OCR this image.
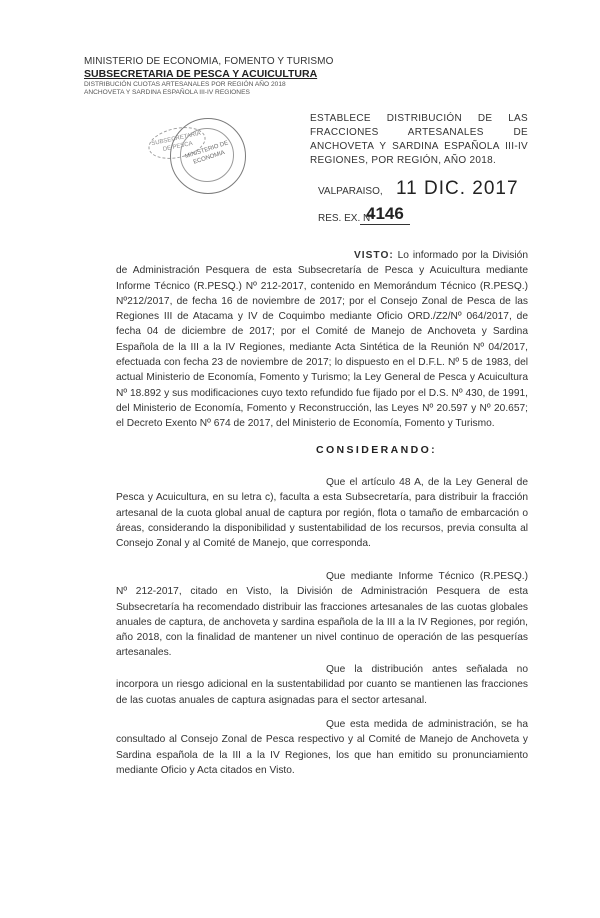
MINISTERIO DE ECONOMIA, FOMENTO Y TURISMO
SUBSECRETARIA DE PESCA Y ACUICULTURA
DISTRIBUCIÓN CUOTAS ARTESANALES POR REGIÓN AÑO 2018
ANCHOVETA Y SARDINA ESPAÑOLA III-IV REGIONES
SUBSECRETARIA DE PESCA
MINISTERIO DE ECONOMIA
ESTABLECE DISTRIBUCIÓN DE LAS FRACCIONES ARTESANALES DE ANCHOVETA Y SARDINA ESPAÑOLA III-IV REGIONES, POR REGIÓN, AÑO 2018.
VALPARAISO, 11 DIC. 2017
RES. EX. Nº
4146
VISTO: Lo informado por la División de Administración Pesquera de esta Subsecretaría de Pesca y Acuicultura mediante Informe Técnico (R.PESQ.) Nº 212-2017, contenido en Memorándum Técnico (R.PESQ.) Nº212/2017, de fecha 16 de noviembre de 2017; por el Consejo Zonal de Pesca de las Regiones III de Atacama y IV de Coquimbo mediante Oficio ORD./Z2/Nº 064/2017, de fecha 04 de diciembre de 2017; por el Comité de Manejo de Anchoveta y Sardina Española de la III a la IV Regiones, mediante Acta Sintética de la Reunión Nº 04/2017, efectuada con fecha 23 de noviembre de 2017; lo dispuesto en el D.F.L. Nº 5 de 1983, del actual Ministerio de Economía, Fomento y Turismo; la Ley General de Pesca y Acuicultura Nº 18.892 y sus modificaciones cuyo texto refundido fue fijado por el D.S. Nº 430, de 1991, del Ministerio de Economía, Fomento y Reconstrucción, las Leyes Nº 20.597 y Nº 20.657; el Decreto Exento Nº 674 de 2017, del Ministerio de Economía, Fomento y Turismo.
CONSIDERANDO:
Que el artículo 48 A, de la Ley General de Pesca y Acuicultura, en su letra c), faculta a esta Subsecretaría, para distribuir la fracción artesanal de la cuota global anual de captura por región, flota o tamaño de embarcación o áreas, considerando la disponibilidad y sustentabilidad de los recursos, previa consulta al Consejo Zonal y al Comité de Manejo, que corresponda.
Que mediante Informe Técnico (R.PESQ.) Nº 212-2017, citado en Visto, la División de Administración Pesquera de esta Subsecretaría ha recomendado distribuir las fracciones artesanales de las cuotas globales anuales de captura, de anchoveta y sardina española de la III a la IV Regiones, por región, año 2018, con la finalidad de mantener un nivel continuo de operación de las pesquerías artesanales.
Que la distribución antes señalada no incorpora un riesgo adicional en la sustentabilidad por cuanto se mantienen las fracciones de las cuotas anuales de captura asignadas para el sector artesanal.
Que esta medida de administración, se ha consultado al Consejo Zonal de Pesca respectivo y al Comité de Manejo de Anchoveta y Sardina española de la III a la IV Regiones, los que han emitido su pronunciamiento mediante Oficio y Acta citados en Visto.
